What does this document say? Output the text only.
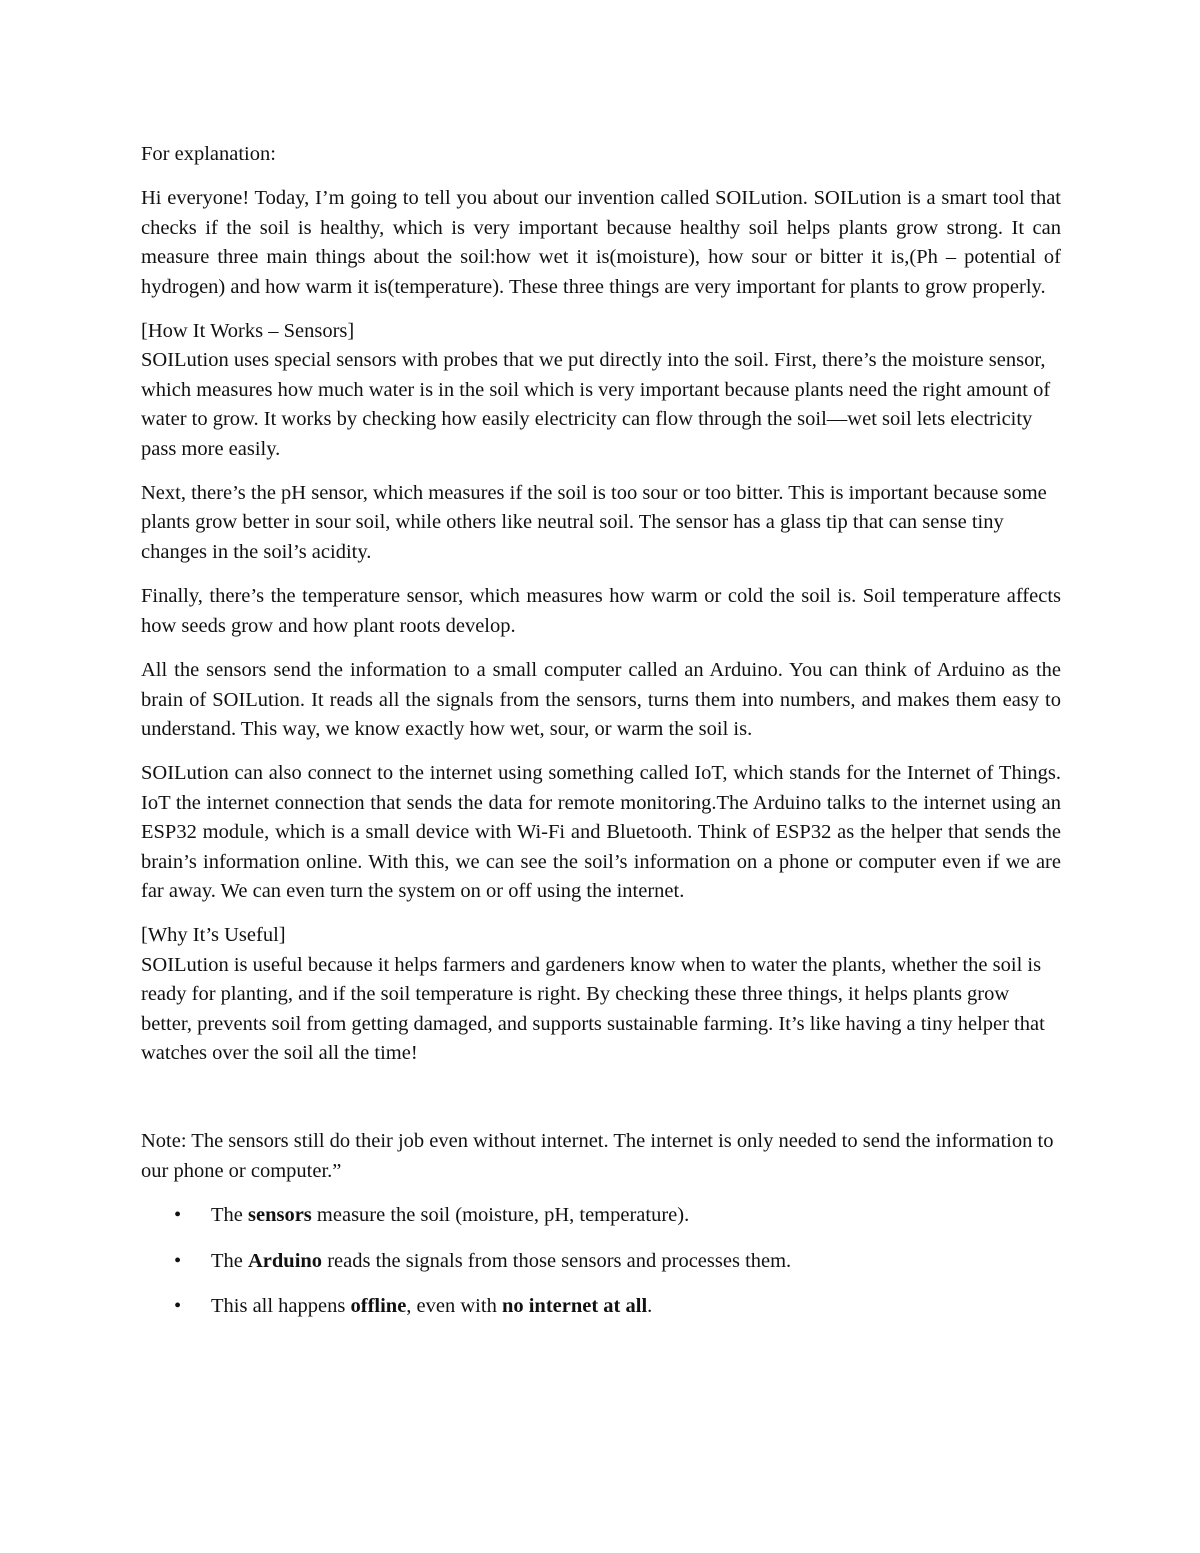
For explanation:

Hi everyone! Today, I’m going to tell you about our invention called SOILution. SOILution is a smart tool that checks if the soil is healthy, which is very important because healthy soil helps plants grow strong. It can measure three main things about the soil:how wet it is(moisture), how sour or bitter it is,(Ph – potential of hydrogen) and how warm it is(temperature). These three things are very important for plants to grow properly.

[How It Works – Sensors]
SOILution uses special sensors with probes that we put directly into the soil. First, there’s the moisture sensor, which measures how much water is in the soil which is very important because plants need the right amount of water to grow. It works by checking how easily electricity can flow through the soil—wet soil lets electricity pass more easily.

Next, there’s the pH sensor, which measures if the soil is too sour or too bitter. This is important because some plants grow better in sour soil, while others like neutral soil. The sensor has a glass tip that can sense tiny changes in the soil’s acidity.

Finally, there’s the temperature sensor, which measures how warm or cold the soil is. Soil temperature affects how seeds grow and how plant roots develop.

All the sensors send the information to a small computer called an Arduino. You can think of Arduino as the brain of SOILution. It reads all the signals from the sensors, turns them into numbers, and makes them easy to understand. This way, we know exactly how wet, sour, or warm the soil is.

SOILution can also connect to the internet using something called IoT, which stands for the Internet of Things. IoT the internet connection that sends the data for remote monitoring.The Arduino talks to the internet using an ESP32 module, which is a small device with Wi-Fi and Bluetooth. Think of ESP32 as the helper that sends the brain’s information online. With this, we can see the soil’s information on a phone or computer even if we are far away. We can even turn the system on or off using the internet.

[Why It’s Useful]
SOILution is useful because it helps farmers and gardeners know when to water the plants, whether the soil is ready for planting, and if the soil temperature is right. By checking these three things, it helps plants grow better, prevents soil from getting damaged, and supports sustainable farming. It’s like having a tiny helper that watches over the soil all the time!

Note: The sensors still do their job even without internet. The internet is only needed to send the information to our phone or computer.”

• The sensors measure the soil (moisture, pH, temperature).
• The Arduino reads the signals from those sensors and processes them.
• This all happens offline, even with no internet at all.
